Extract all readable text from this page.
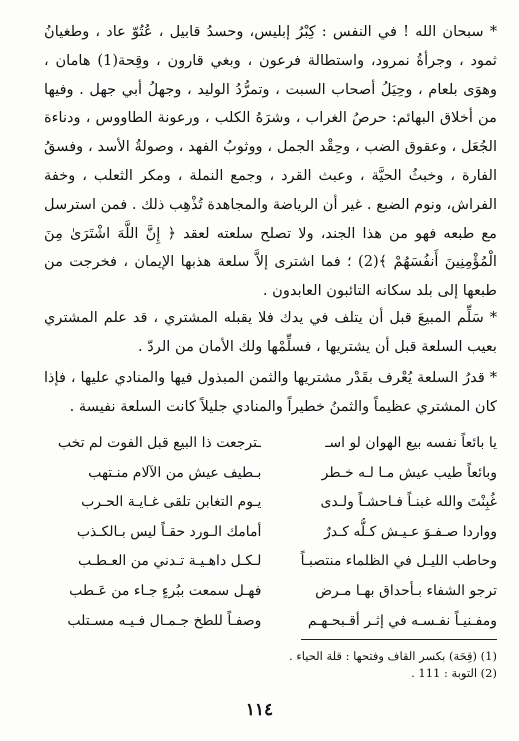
* سبحان الله ! في النفس : كِبْرُ إبليس، وحسدُ قابيل ، عُتُوّ عاد ، وطغيانُ ثمود ، وجرأةُ نمرود، واستطالة فرعون ، وبغي قارون ، وقِحة(1) هامان ، وهوَى بلعام ، وحِيَلُ أصحاب السبت ، وتمرُّدُ الوليد ، وجهلُ أبي جهل . وفيها من أخلاق البهائم: حرصُ الغراب ، وشرَهُ الكلب ، ورعونة الطاووس ، ودناءة الجُعَل ، وعقوق الضب ، وحِقْد الجمل ، ووثوبُ الفهد ، وصولةُ الأسد ، وفسقُ الفارة ، وخبثُ الحيَّة ، وعبث القرد ، وجمع النملة ، ومكر الثعلب ، وخفة الفراش، ونوم الضبع . غير أن الرياضة والمجاهدة تُذْهِب ذلك . فمن استرسل مع طبعه فهو من هذا الجند، ولا تصلح سلعته لعقد ﴿ إِنَّ اللَّهَ اشْتَرَىٰ مِنَ الْمُؤْمِنِينَ أَنفُسَهُمْ ﴾(2) ؛ فما اشترى إلاَّ سلعة هذبها الإيمان ، فخرجت من طبعها إلى بلد سكانه التائبون العابدون .

* سَلِّم المبيعَ قبل أن يتلف في يدك فلا يقبله المشتري ، قد علم المشتري بعيب السلعة قبل أن يشتريها ، فسلِّمْها ولك الأمان من الردّ .

* قدرُ السلعة يُعْرف بقَدْر مشتريها والثمن المبذول فيها والمنادي عليها ، فإذا كان المشتري عظيماً والثمنُ خطيراً والمنادي جليلاً كانت السلعة نفيسة .

يا بائعاً نفسه بيع الهوان لو اسـ
ـترجعت ذا البيع قبل الفوت لم تخب
وبائعاً طيب عيش مـا لـه خـطر
بـطيف عيش من الآلام منـتهب
غُبِنْتَ والله غبنـاً فـاحشـاً ولـدى
يـوم التغابن تلقى غـايـة الحـرب
وواردا صـفـوَ عـيـش كـلُّه كـدرٌ
أمامك الـورد حقـاً ليس بـالكـذب
وحاطب الليـل في الظلماء منتصبـاً
لـكـل داهـيـة تـدني من العـطـب
ترجو الشفاء بـأحداق بهـا مـرض
فهـل سمعت ببُرءٍ جـاء من عَـطب
ومفـنيـاً نفـسـه في إثـر أقـبحـهـم
وصفـاً للطخ جـمـال فـيـه مسـتلب
(1) (قِحَة) بكسر القاف وفتحها : قلة الحياء .
(2) التوبة : 111 .
١١٤
